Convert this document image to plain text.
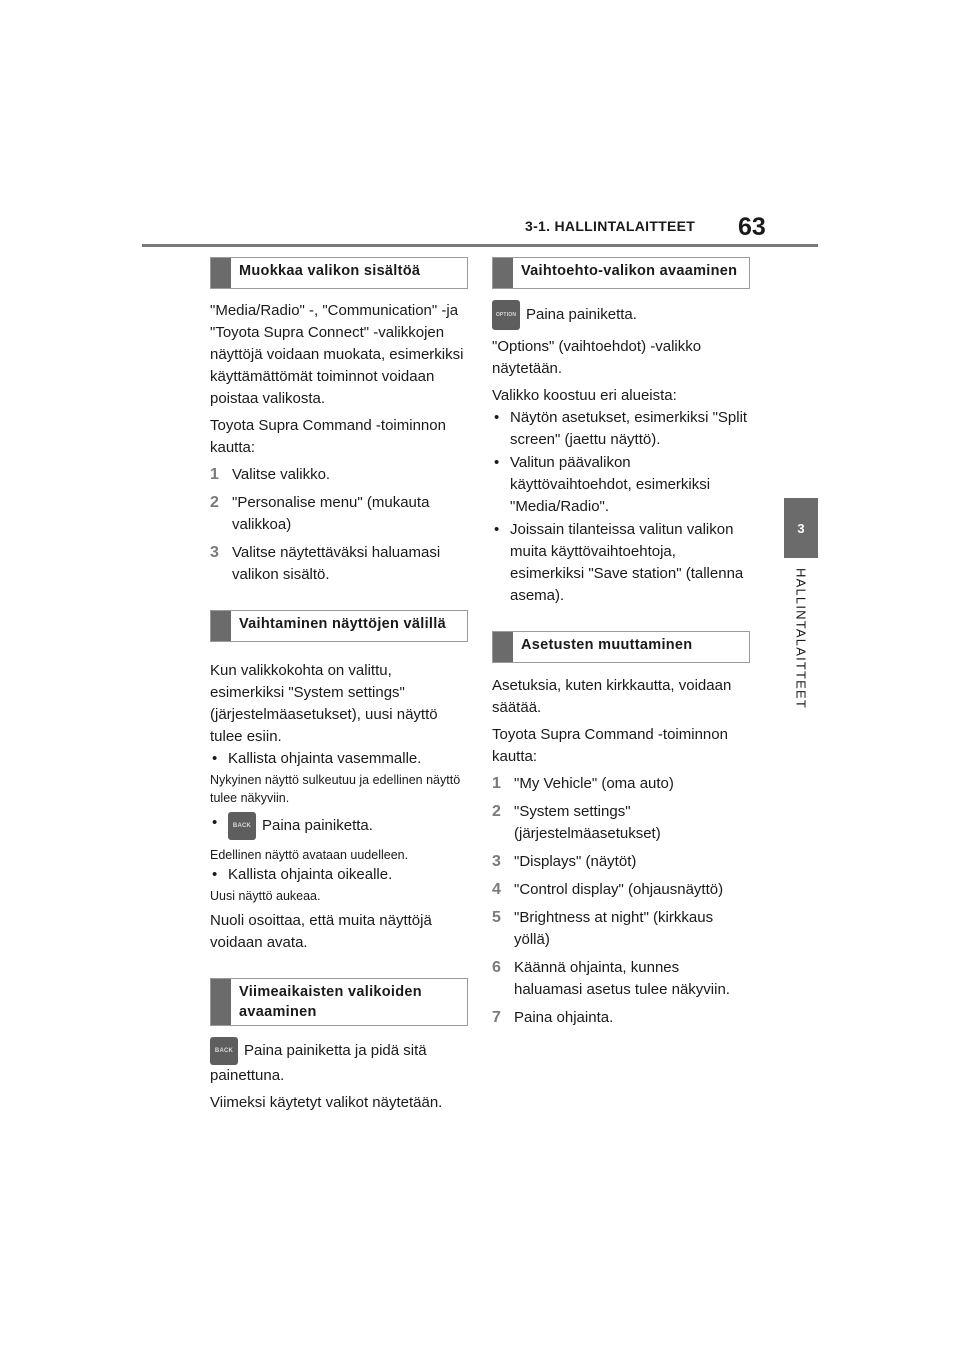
3-1. HALLINTALAITTEET 63
3
HALLINTALAITTEET
Muokkaa valikon sisältöä

"Media/Radio" -, "Communication" -ja "Toyota Supra Connect" -valikkojen näyttöjä voidaan muokata, esimerkiksi käyttämättömät toiminnot voidaan poistaa valikosta.

Toyota Supra Command -toiminnon kautta:

1 Valitse valikko.
2 "Personalise menu" (mukauta valikkoa)
3 Valitse näytettäväksi haluamasi valikon sisältö.
Vaihtaminen näyttöjen välillä

Kun valikkokohta on valittu, esimerkiksi "System settings" (järjestelmäasetukset), uusi näyttö tulee esiin.

• Kallista ohjainta vasemmalle.

Nykyinen näyttö sulkeutuu ja edellinen näyttö tulee näkyviin.

•	BACK Paina painiketta.

Edellinen näyttö avataan uudelleen.

• Kallista ohjainta oikealle.

Uusi näyttö aukeaa.

Nuoli osoittaa, että muita näyttöjä voidaan avata.

Viimeaikaisten valikoiden avaaminen

BACK Paina painiketta ja pidä sitä painettuna.

Viimeksi käytetyt valikot näytetään.

Vaihtoehto-valikon avaaminen
OPTION Paina painiketta.

"Options" (vaihtoehdot) -valikko näytetään.

Valikko koostuu eri alueista:

• Näytön asetukset, esimerkiksi "Split screen" (jaettu näyttö).
• Valitun päävalikon käyttövaihtoehdot, esimerkiksi "Media/Radio".
• Joissain tilanteissa valitun valikon muita käyttövaihtoehtoja, esimerkiksi "Save station" (tallenna asema).
Asetusten muuttaminen

Asetuksia, kuten kirkkautta, voidaan säätää.

Toyota Supra Command -toiminnon kautta:

1 "My Vehicle" (oma auto)
2 "System settings" (järjestelmäasetukset)
3 "Displays" (näytöt)
4 "Control display" (ohjausnäyttö)
5 "Brightness at night" (kirkkaus yöllä)
6 Käännä ohjainta, kunnes haluamasi asetus tulee näkyviin.
7 Paina ohjainta.
